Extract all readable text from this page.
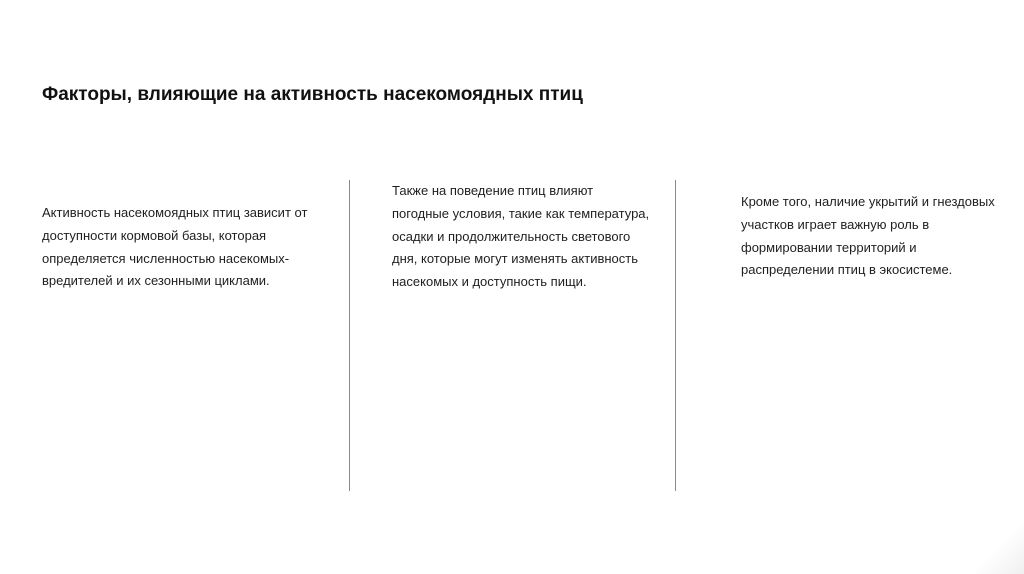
Факторы, влияющие на активность насекомоядных птиц

Активность насекомоядных птиц зависит от доступности кормовой базы, которая определяется численностью насекомых-вредителей и их сезонными циклами.

Также на поведение птиц влияют погодные условия, такие как температура, осадки и продолжительность светового дня, которые могут изменять активность насекомых и доступность пищи.

Кроме того, наличие укрытий и гнездовых участков играет важную роль в формировании территорий и распределении птиц в экосистеме.
